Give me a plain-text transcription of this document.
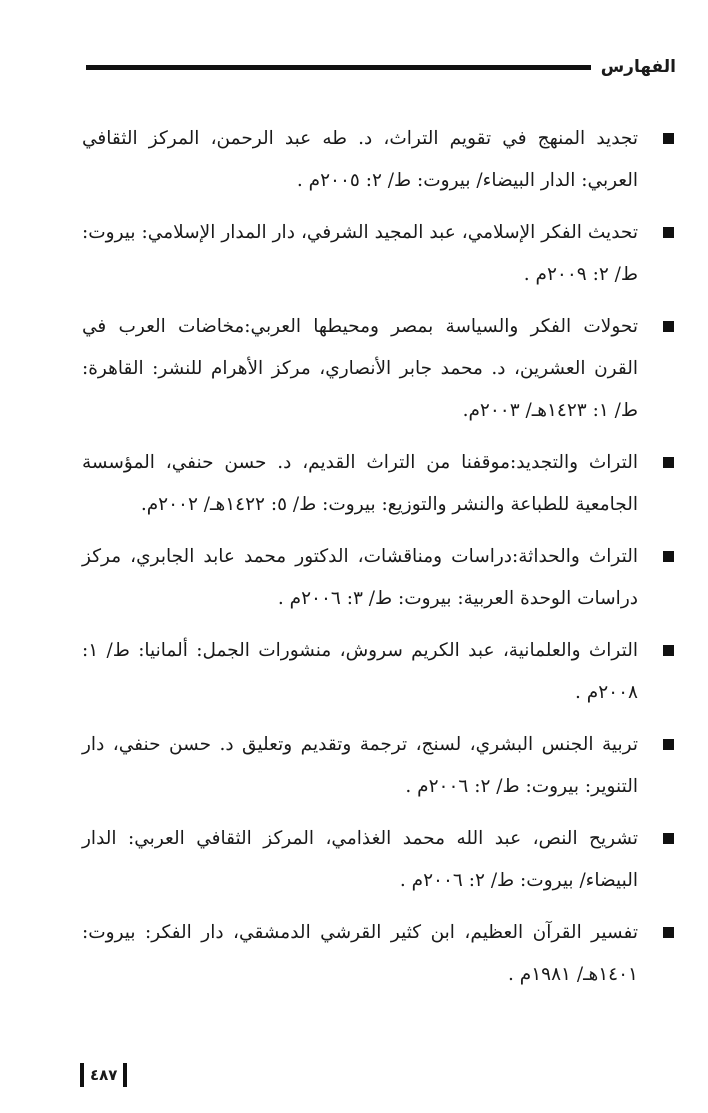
الفهارس
تجديد المنهج في تقويم التراث، د. طه عبد الرحمن، المركز الثقافي العربي: الدار البيضاء/ بيروت: ط/ ٢: ٢٠٠٥م .
تحديث الفكر الإسلامي، عبد المجيد الشرفي، دار المدار الإسلامي: بيروت: ط/ ٢: ٢٠٠٩م .
تحولات الفكر والسياسة بمصر ومحيطها العربي:مخاضات العرب في القرن العشرين، د. محمد جابر الأنصاري، مركز الأهرام للنشر: القاهرة: ط/ ١: ١٤٢٣هـ/ ٢٠٠٣م.
التراث والتجديد:موقفنا من التراث القديم، د. حسن حنفي، المؤسسة الجامعية للطباعة والنشر والتوزيع: بيروت: ط/ ٥: ١٤٢٢هـ/ ٢٠٠٢م.
التراث والحداثة:دراسات ومناقشات، الدكتور محمد عابد الجابري، مركز دراسات الوحدة العربية: بيروت: ط/ ٣: ٢٠٠٦م .
التراث والعلمانية، عبد الكريم سروش، منشورات الجمل: ألمانيا: ط/ ١: ٢٠٠٨م .
تربية الجنس البشري، لسنج، ترجمة وتقديم وتعليق د. حسن حنفي، دار التنوير: بيروت: ط/ ٢: ٢٠٠٦م .
تشريح النص، عبد الله محمد الغذامي، المركز الثقافي العربي: الدار البيضاء/ بيروت: ط/ ٢: ٢٠٠٦م .
تفسير القرآن العظيم، ابن كثير القرشي الدمشقي، دار الفكر: بيروت: ١٤٠١هـ/ ١٩٨١م .
٤٨٧
